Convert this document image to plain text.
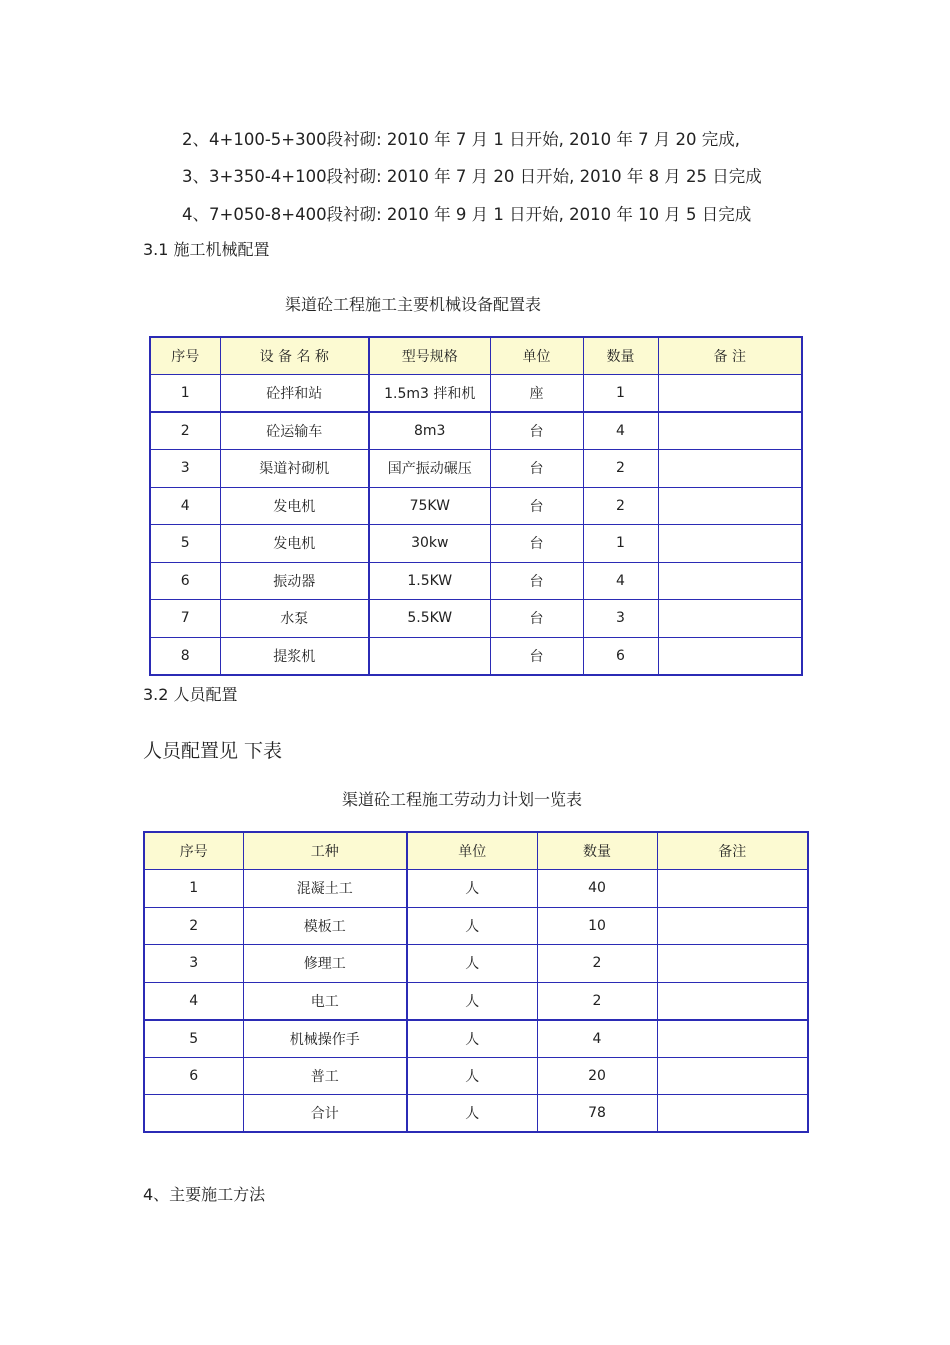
2、4+100-5+300段衬砌: 2010 年 7 月 1 日开始, 2010 年 7 月 20 完成,
3、3+350-4+100段衬砌: 2010 年 7 月 20 日开始, 2010 年 8 月 25 日完成
4、7+050-8+400段衬砌: 2010 年 9 月 1 日开始, 2010 年 10 月 5 日完成
3.1 施工机械配置
渠道砼工程施工主要机械设备配置表
序号	设 备 名 称	型号规格	单位	数量	备 注
1	砼拌和站	1.5m3 拌和机	座	1	
2	砼运输车	8m3	台	4	
3	渠道衬砌机	国产振动碾压	台	2	
4	发电机	75KW	台	2	
5	发电机	30kw	台	1	
6	振动器	1.5KW	台	4	
7	水泵	5.5KW	台	3	
8	提浆机		台	6	
3.2 人员配置
人员配置见 下表
渠道砼工程施工劳动力计划一览表
序号	工种	单位	数量	备注
1	混凝土工	人	40	
2	模板工	人	10	
3	修理工	人	2	
4	电工	人	2	
5	机械操作手	人	4	
6	普工	人	20	
	合计	人	78	
4、主要施工方法
